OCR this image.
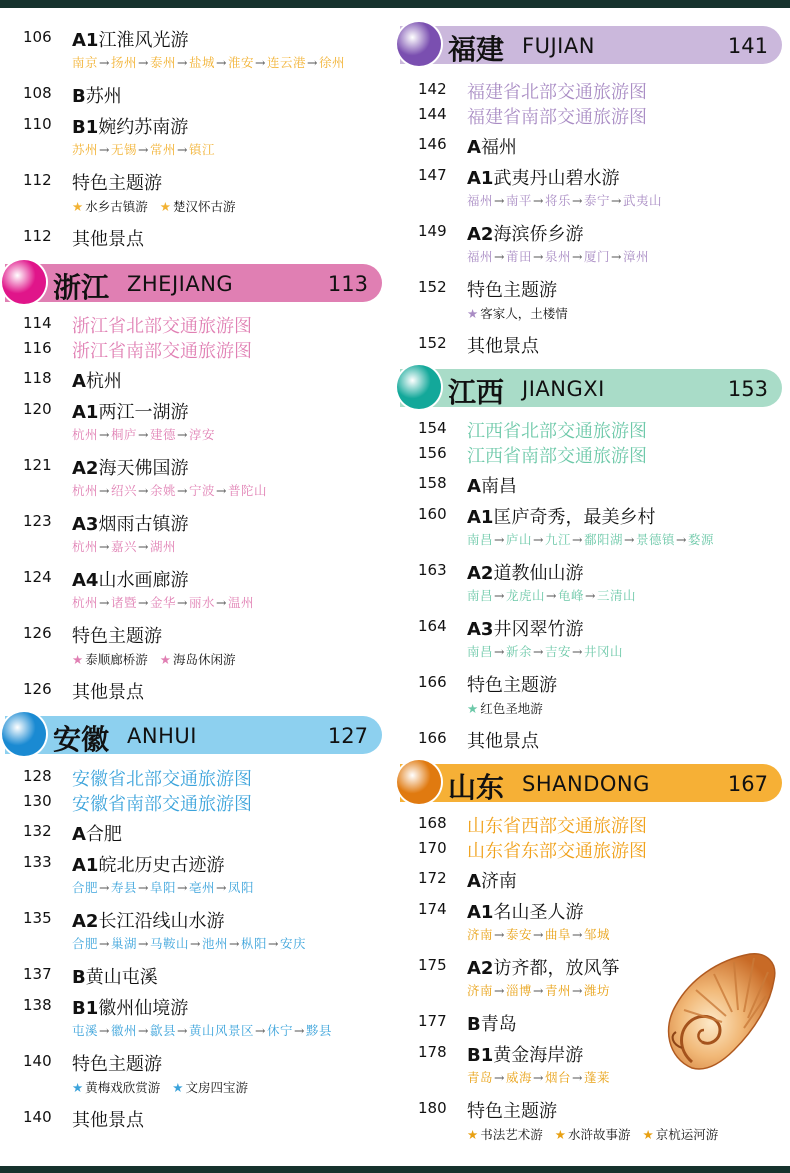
106 A1江淮风光游
南京→扬州→泰州→盐城→淮安→连云港→徐州
108 B苏州
110 B1婉约苏南游
苏州→无锡→常州→镇江
112 特色主题游
★ 水乡古镇游 ★ 楚汉怀古游
112 其他景点
浙江 ZHEJIANG	113
114 浙江省北部交通旅游图
116 浙江省南部交通旅游图
118 A杭州
120 A1两江一湖游
杭州→桐庐→建德→淳安
121 A2海天佛国游
杭州→绍兴→余姚→宁波→普陀山
123 A3烟雨古镇游
杭州→嘉兴→湖州
124 A4山水画廊游
杭州→诸暨→金华→丽水→温州
126 特色主题游
★ 泰顺廊桥游 ★ 海岛休闲游
126 其他景点
安徽 ANHUI	127
128 安徽省北部交通旅游图
130 安徽省南部交通旅游图
132 A合肥
133 A1皖北历史古迹游
合肥→寿县→阜阳→亳州→凤阳
135 A2长江沿线山水游
合肥→巢湖→马鞍山→池州→枞阳→安庆
137 B黄山屯溪
138 B1徽州仙境游
屯溪→徽州→歙县→黄山风景区→休宁→黟县
140 特色主题游
★ 黄梅戏欣赏游 ★ 文房四宝游
140 其他景点
福建 FUJIAN	141
142 福建省北部交通旅游图
144 福建省南部交通旅游图
146 A福州
147 A1武夷丹山碧水游
福州→南平→将乐→泰宁→武夷山
149 A2海滨侨乡游
福州→莆田→泉州→厦门→漳州
152 特色主题游
★ 客家人，土楼情
152 其他景点
江西 JIANGXI	153
154 江西省北部交通旅游图
156 江西省南部交通旅游图
158 A南昌
160 A1匡庐奇秀，最美乡村
南昌→庐山→九江→鄱阳湖→景德镇→婺源
163 A2道教仙山游
南昌→龙虎山→龟峰→三清山
164 A3井冈翠竹游
南昌→新余→吉安→井冈山
166 特色主题游
★ 红色圣地游
166 其他景点
山东 SHANDONG	167
168 山东省西部交通旅游图
170 山东省东部交通旅游图
172 A济南
174 A1名山圣人游
济南→泰安→曲阜→邹城
175 A2访齐都，放风筝
济南→淄博→青州→潍坊
177 B青岛
178 B1黄金海岸游
青岛→威海→烟台→蓬莱
180 特色主题游
★ 书法艺术游 ★ 水浒故事游 ★ 京杭运河游
